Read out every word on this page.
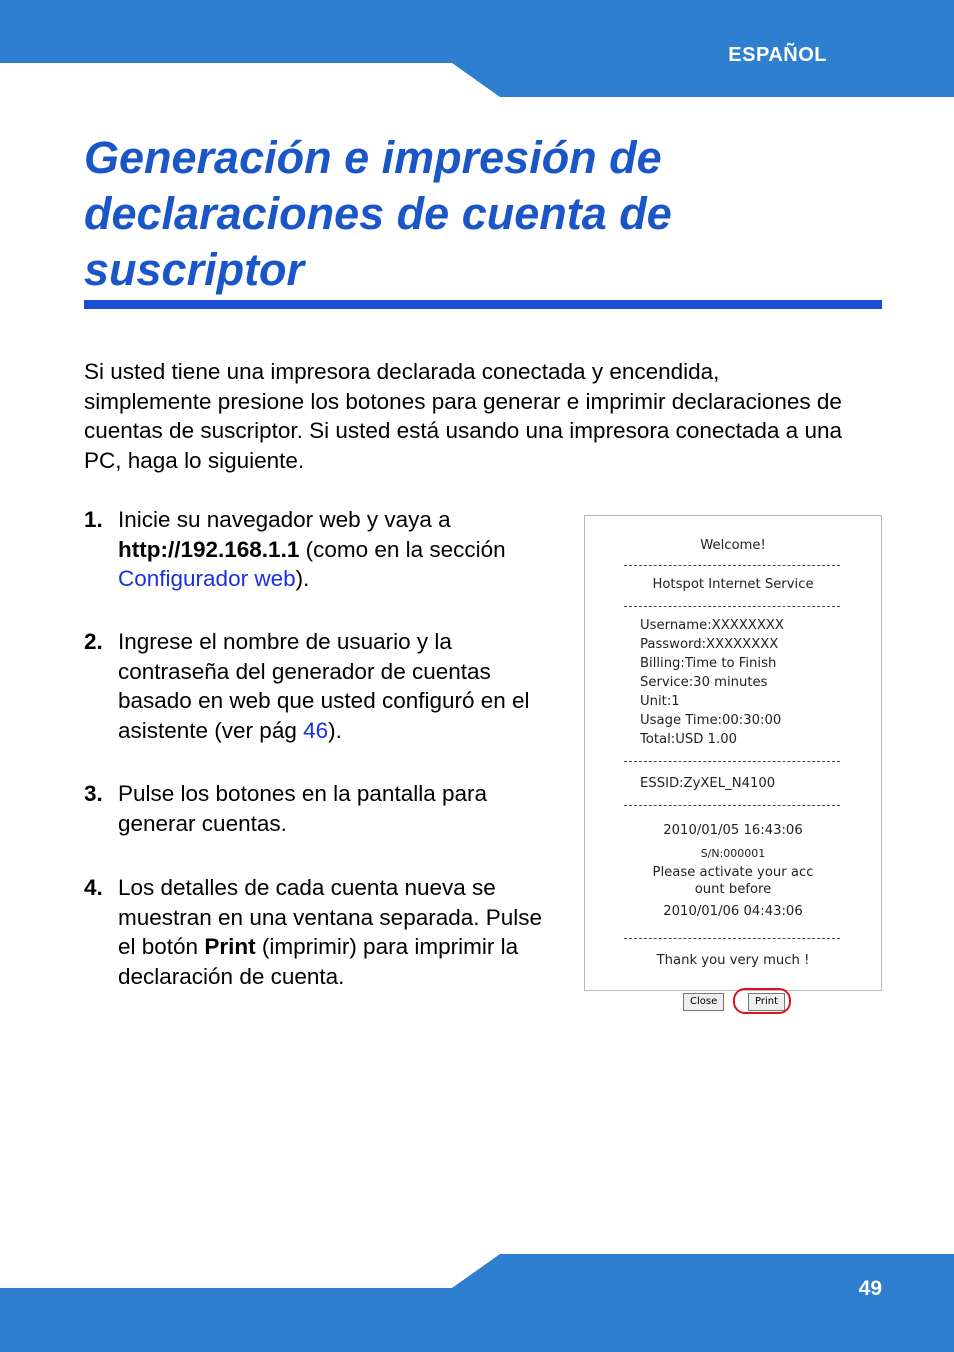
ESPAÑOL
Generación e impresión de declaraciones de cuenta de suscriptor

Si usted tiene una impresora declarada conectada y encendida, simplemente presione los botones para generar e imprimir declaraciones de cuentas de suscriptor. Si usted está usando una impresora conectada a una PC, haga lo siguiente.

1. Inicie su navegador web y vaya a http://192.168.1.1 (como en la sección Configurador web).
2. Ingrese el nombre de usuario y la contraseña del generador de cuentas basado en web que usted configuró en el asistente (ver pág 46).
3. Pulse los botones en la pantalla para generar cuentas.
4. Los detalles de cada cuenta nueva se muestran en una ventana separada. Pulse el botón Print (imprimir) para imprimir la declaración de cuenta.
Welcome!
Hotspot Internet Service
Username:XXXXXXXX
Password:XXXXXXXX
Billing:Time to Finish
Service:30 minutes
Unit:1
Usage Time:00:30:00
Total:USD 1.00
ESSID:ZyXEL_N4100
2010/01/05 16:43:06
S/N:000001
Please activate your acc
ount before
2010/01/06 04:43:06
Thank you very much !
Close	Print
49
